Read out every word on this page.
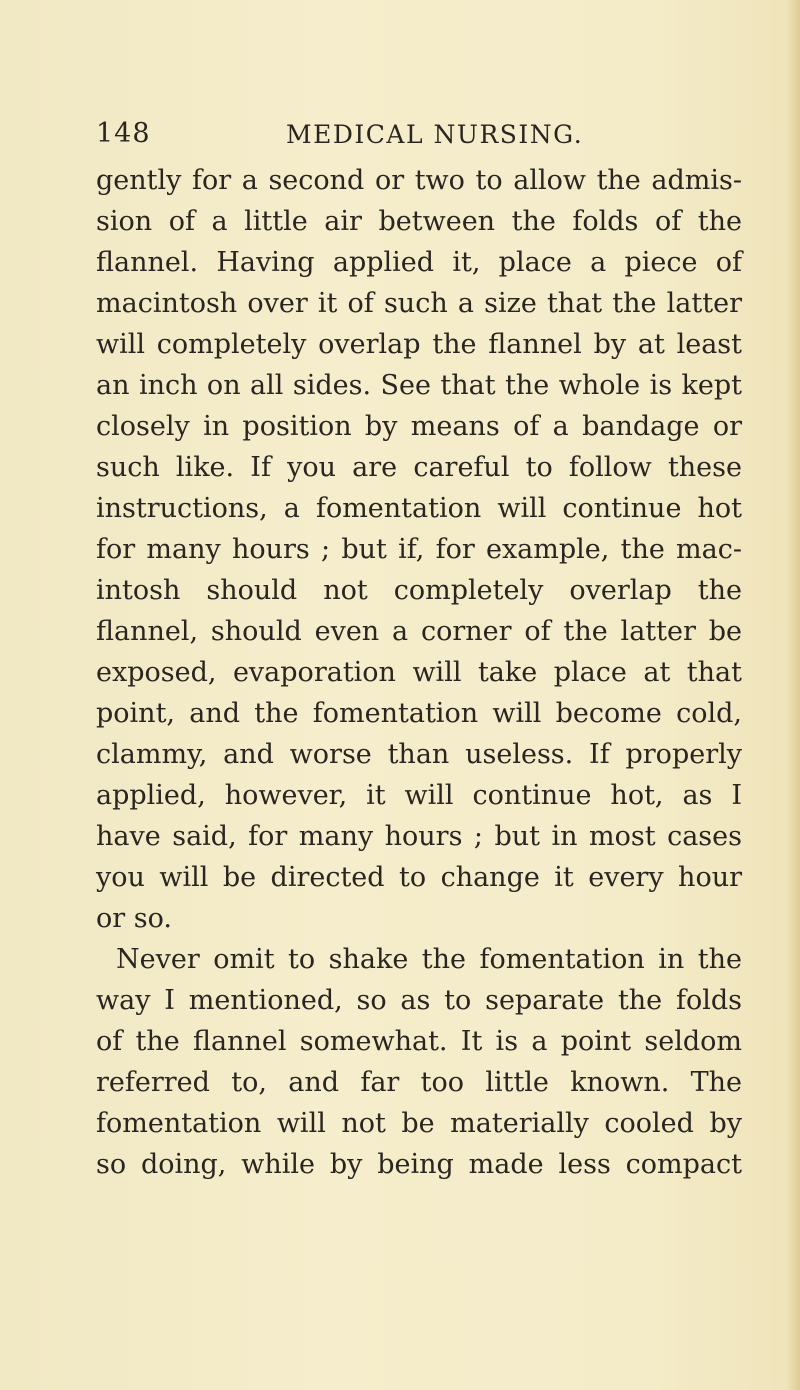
148	MEDICAL NURSING.
gently for a second or two to allow the admis-
sion of a little air between the folds of the
flannel. Having applied it, place a piece of
macintosh over it of such a size that the latter
will completely overlap the flannel by at least
an inch on all sides. See that the whole is kept
closely in position by means of a bandage or
such like. If you are careful to follow these
instructions, a fomentation will continue hot
for many hours ; but if, for example, the mac-
intosh should not completely overlap the
flannel, should even a corner of the latter be
exposed, evaporation will take place at that
point, and the fomentation will become cold,
clammy, and worse than useless. If properly
applied, however, it will continue hot, as I
have said, for many hours ; but in most cases
you will be directed to change it every hour
or so.
Never omit to shake the fomentation in the
way I mentioned, so as to separate the folds
of the flannel somewhat. It is a point seldom
referred to, and far too little known. The
fomentation will not be materially cooled by
so doing, while by being made less compact
